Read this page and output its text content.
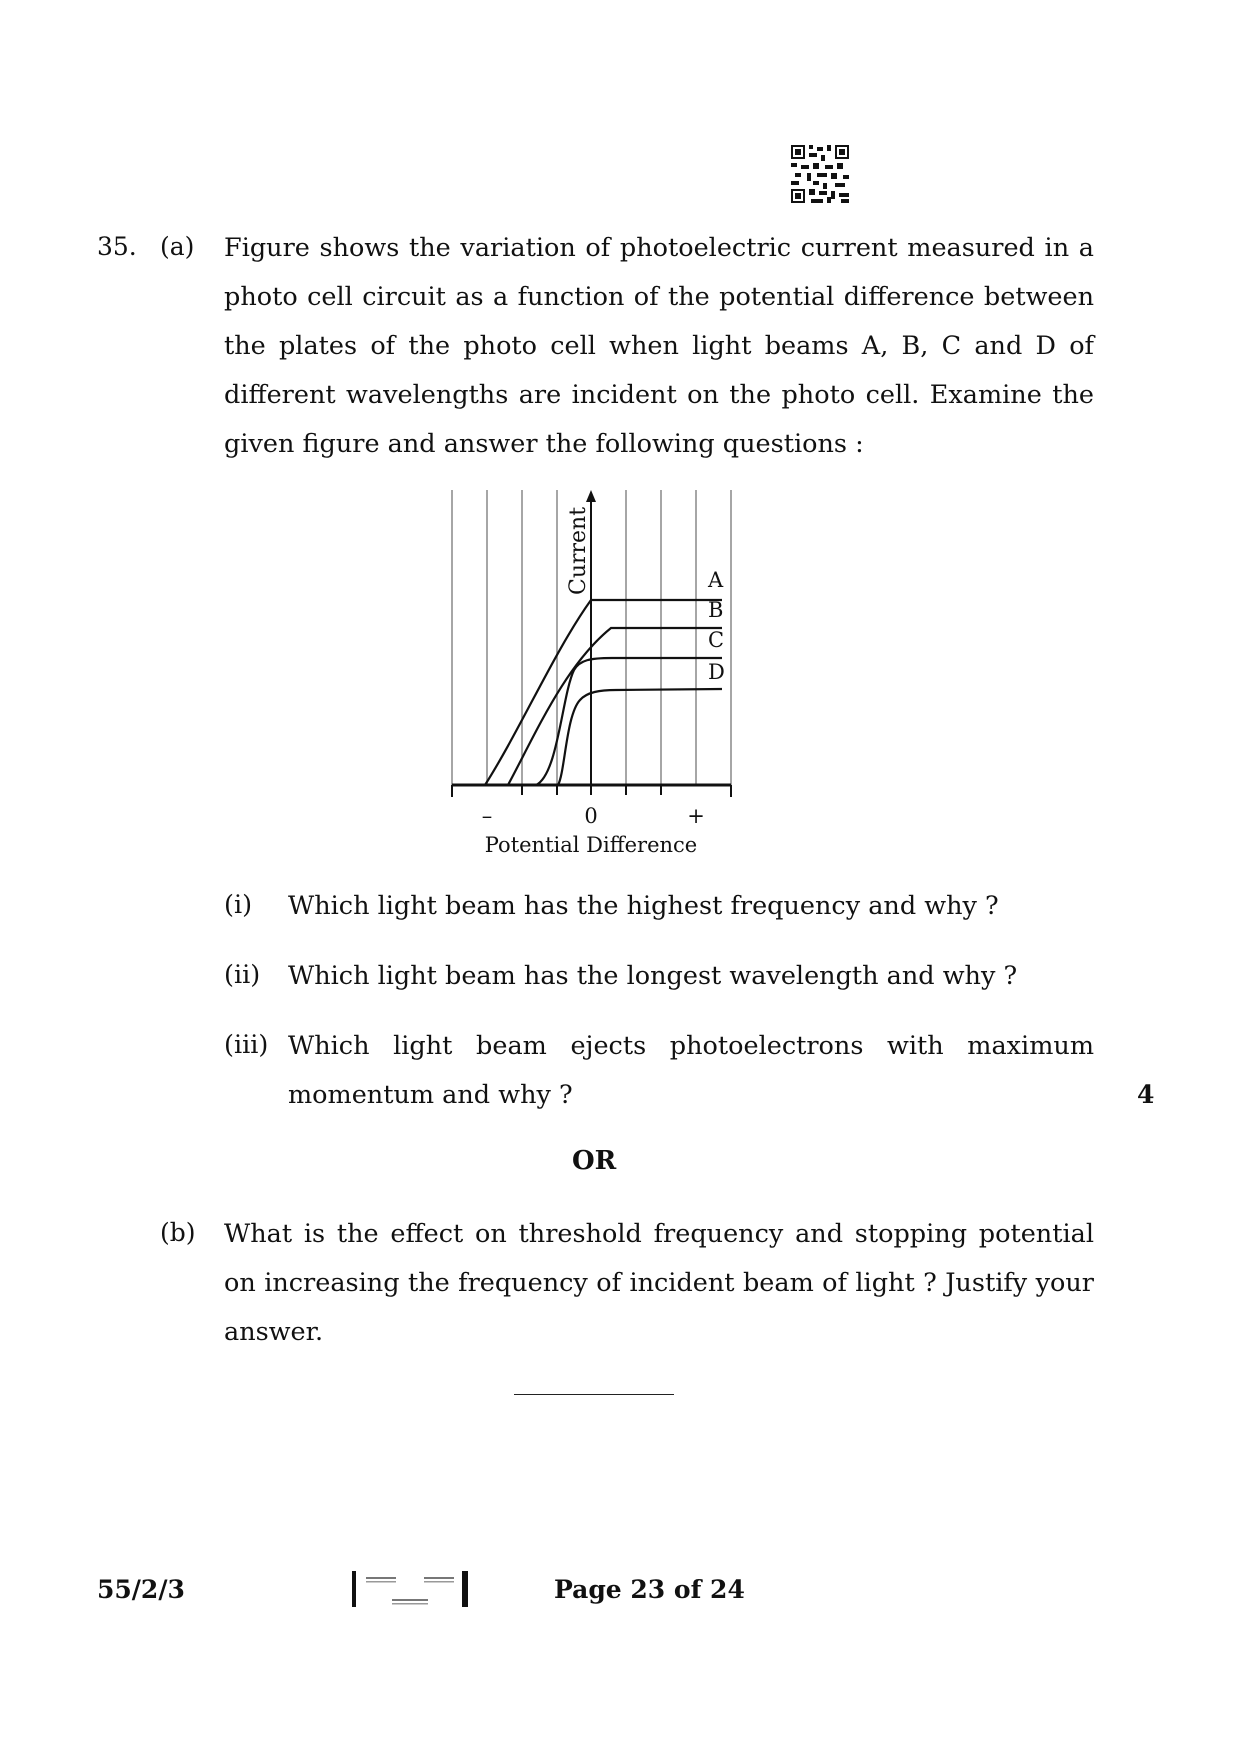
35. (a) Figure shows the variation of photoelectric current measured in a photo cell circuit as a function of the potential difference between the plates of the photo cell when light beams A, B, C and D of different wavelengths are incident on the photo cell. Examine the given figure and answer the following questions :
Current	A
B
C
D
–	0	+
Potential Difference
(i) Which light beam has the highest frequency and why ?
(ii) Which light beam has the longest wavelength and why ?
(iii) Which light beam ejects photoelectrons with maximum momentum and why ?	4
OR
(b) What is the effect on threshold frequency and stopping potential on increasing the frequency of incident beam of light ? Justify your answer.
55/2/3	Page 23 of 24
